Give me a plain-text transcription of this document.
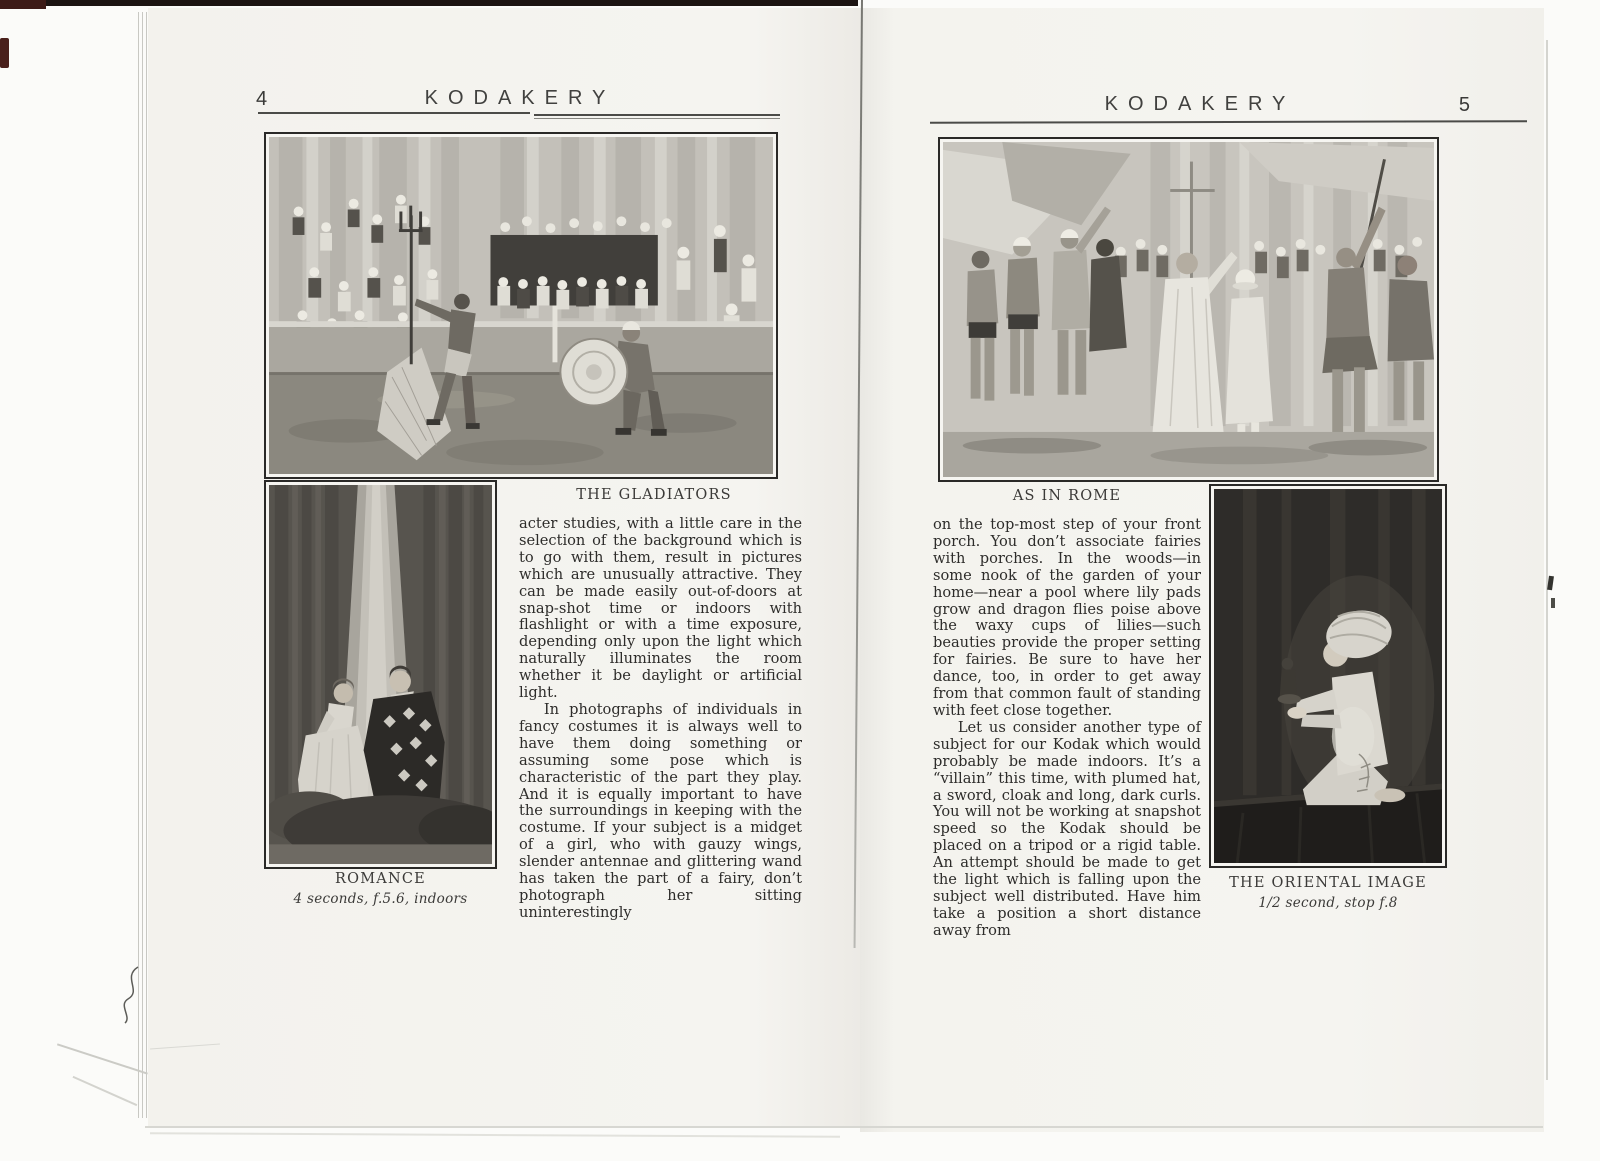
4	KODAKERY
THE GLADIATORS
ROMANCE
4 seconds, f.5.6, indoors

acter studies, with a little care in the selection of the background which is to go with them, result in pictures which are unusually attractive. They can be made easily out-of-doors at snap-shot time or indoors with flashlight or with a time exposure, depending only upon the light which naturally illuminates the room whether it be daylight or artificial light.

In photographs of individuals in fancy costumes it is always well to have them doing something or assuming some pose which is characteristic of the part they play. And it is equally important to have the surroundings in keeping with the costume. If your subject is a midget of a girl, who with gauzy wings, slender antennae and glittering wand has taken the part of a fairy, don’t photograph her sitting uninterestingly

KODAKERY	5
AS IN ROME

on the top-most step of your front porch. You don’t associate fairies with porches. In the woods—in some nook of the garden of your home—near a pool where lily pads grow and dragon flies poise above the waxy cups of lilies—such beauties provide the proper setting for fairies. Be sure to have her dance, too, in order to get away from that common fault of standing with feet close together.

Let us consider another type of subject for our Kodak which would probably be made indoors. It’s a “villain” this time, with plumed hat, a sword, cloak and long, dark curls. You will not be working at snapshot speed so the Kodak should be placed on a tripod or a rigid table. An attempt should be made to get the light which is falling upon the subject well distributed. Have him take a position a short distance away from

THE ORIENTAL IMAGE
1/2 second, stop f.8
